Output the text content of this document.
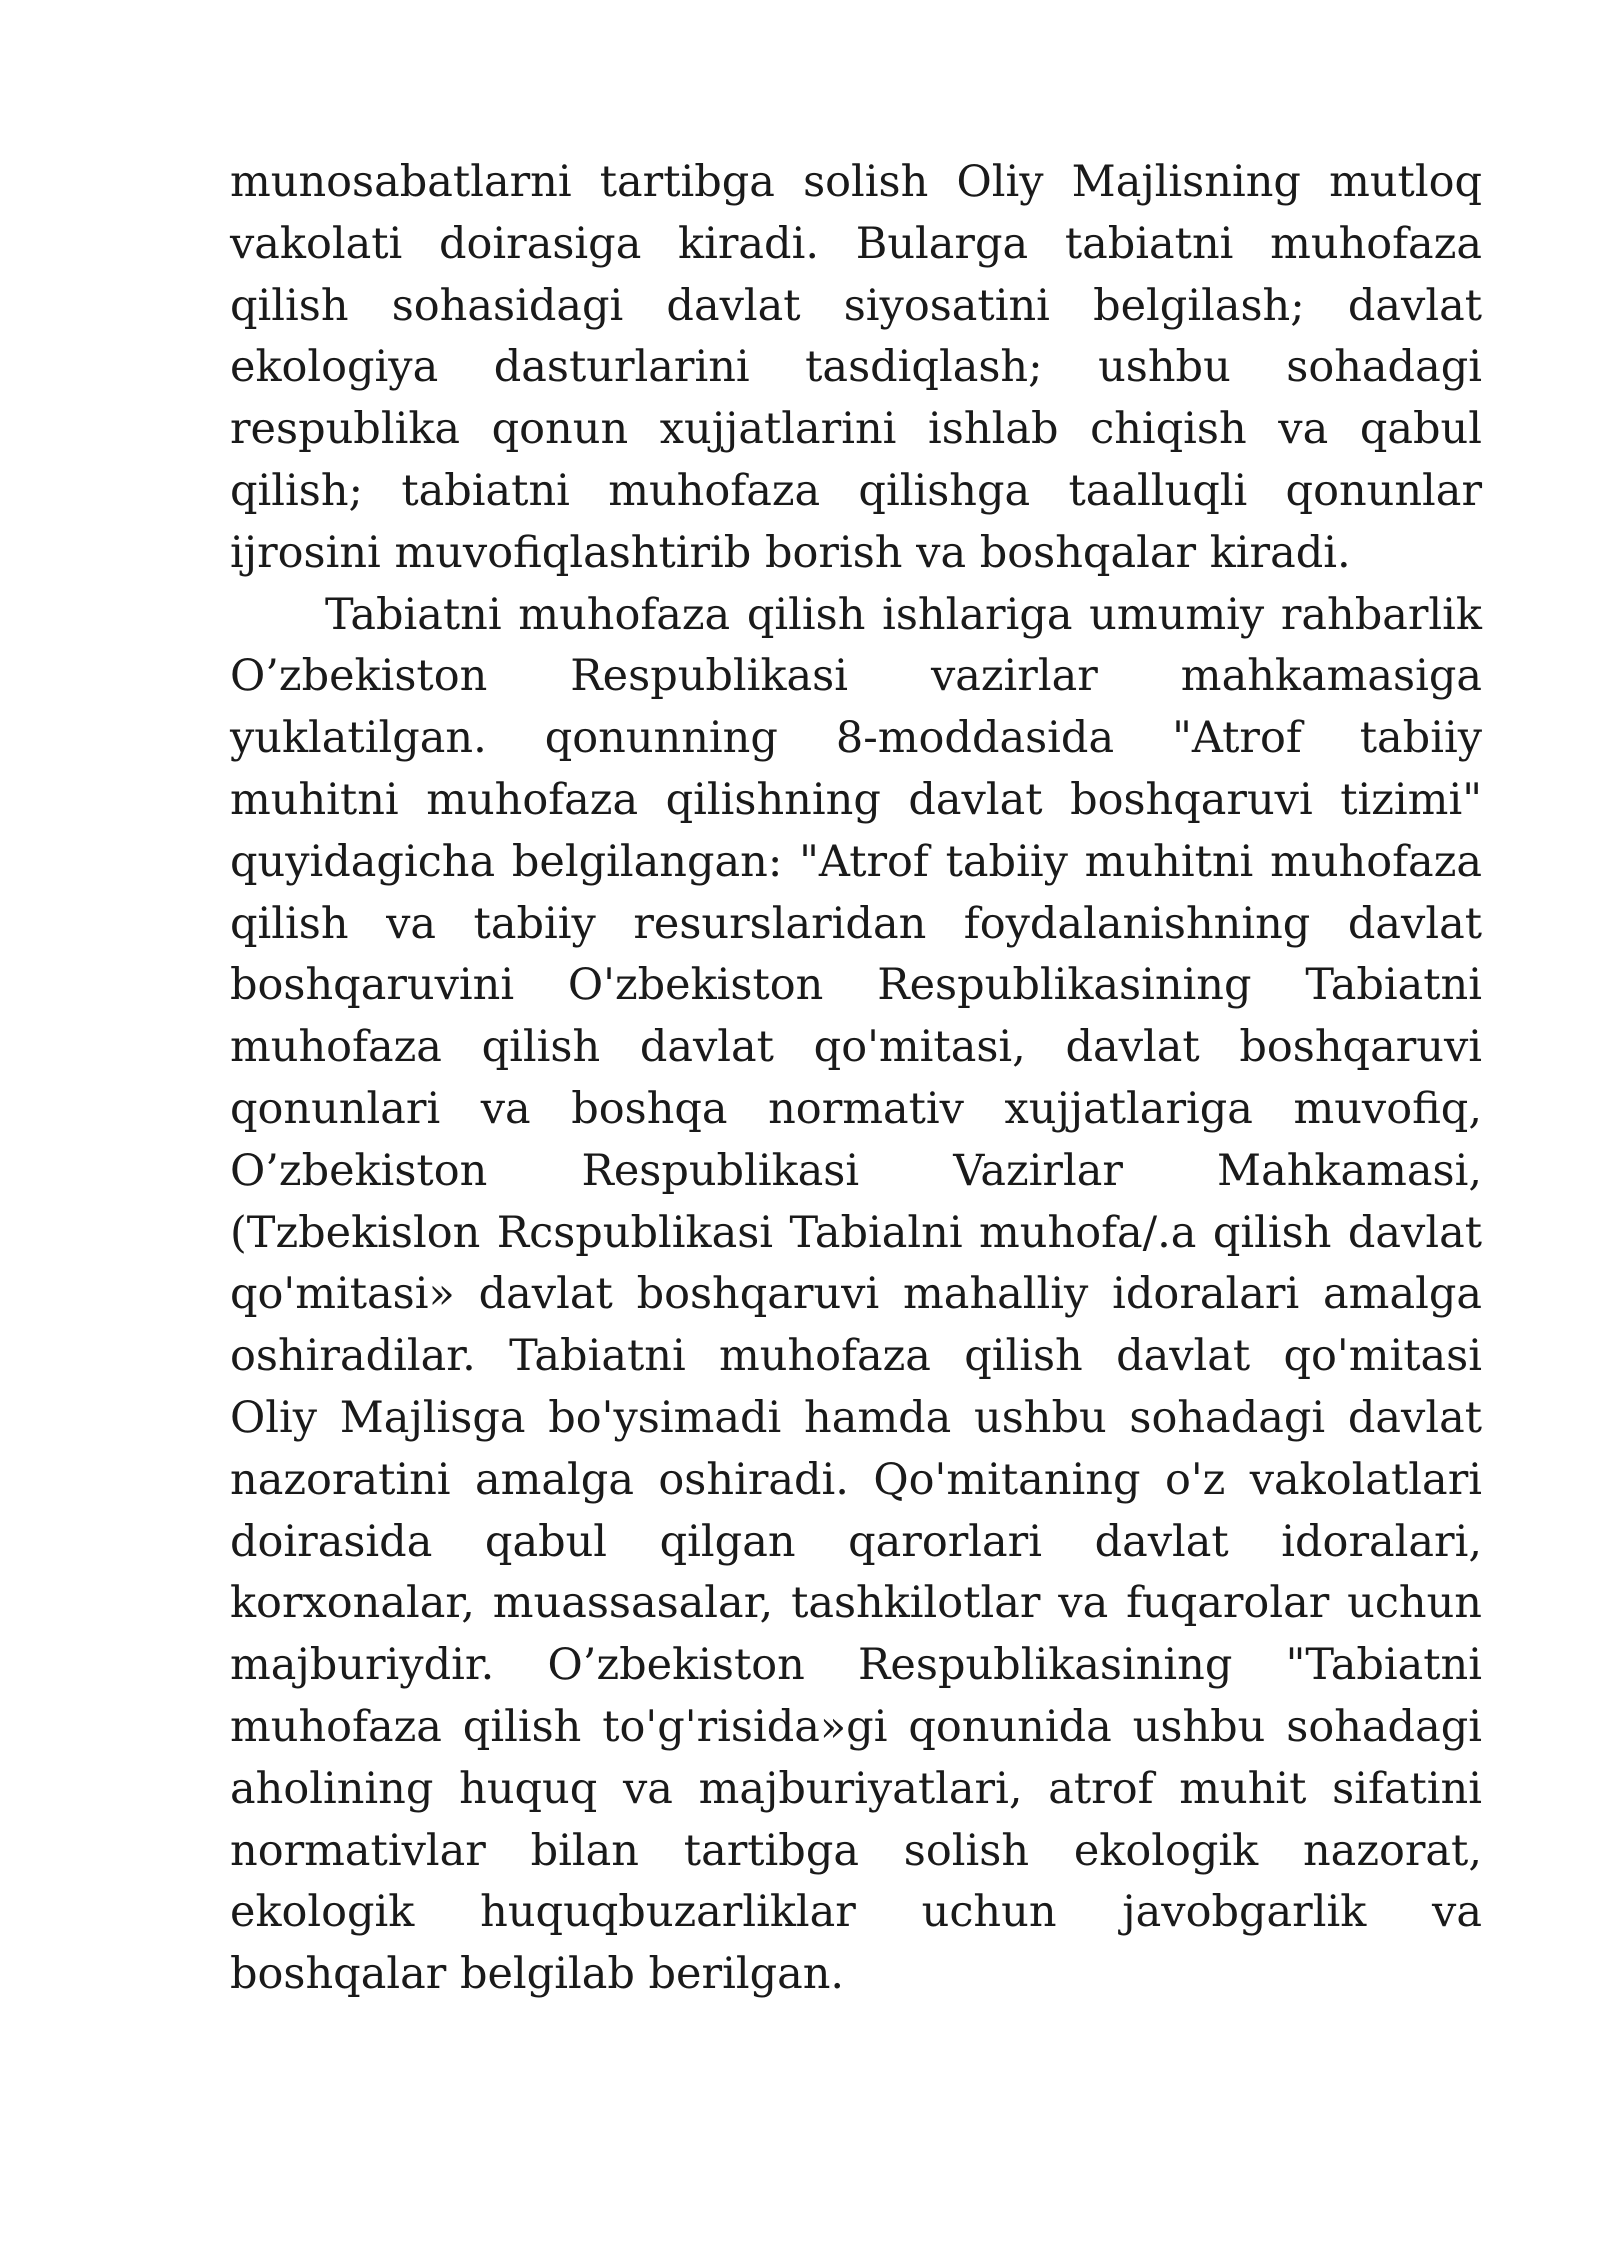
munosabatlarni tartibga solish Oliy Majlisning mutloq vakolati doirasiga kiradi. Bularga tabiatni muhofaza qilish sohasidagi davlat siyosatini belgilash; davlat ekologiya dasturlarini tasdiqlash; ushbu sohadagi respublika qonun xujjatlarini ishlab chiqish va qabul qilish; tabiatni muhofaza qilishga taalluqli qonunlar ijrosini muvofiqlashtirib borish va boshqalar kiradi.

Tabiatni muhofaza qilish ishlariga umumiy rahbarlik O’zbekiston Respublikasi vazirlar mahkamasiga yuklatilgan. qonunning 8-moddasida "Atrof tabiiy muhitni muhofaza qilishning davlat boshqaruvi tizimi" quyidagicha belgilangan: "Atrof tabiiy muhitni muhofaza qilish va tabiiy resurslaridan foydalanishning davlat boshqaruvini O'zbekiston Respublikasining Tabiatni muhofaza qilish davlat qo'mitasi, davlat boshqaruvi qonunlari va boshqa normativ xujjatlariga muvofiq, O’zbekiston Respublikasi Vazirlar Mahkamasi, (Tzbekislon Rcspublikasi Tabialni muhofa/.a qilish davlat qo'mitasi» davlat boshqaruvi mahalliy idoralari amalga oshiradilar. Tabiatni muhofaza qilish davlat qo'mitasi Oliy Majlisga bo'ysimadi hamda ushbu sohadagi davlat nazoratini amalga oshiradi. Qo'mitaning o'z vakolatlari doirasida qabul qilgan qarorlari davlat idoralari, korxonalar, muassasalar, tashkilotlar va fuqarolar uchun majburiydir. O’zbekiston Respublikasining "Tabiatni muhofaza qilish to'g'risida»gi qonunida ushbu sohadagi aholining huquq va majburiyatlari, atrof muhit sifatini normativlar bilan tartibga solish ekologik nazorat, ekologik huquqbuzarliklar uchun javobgarlik va boshqalar belgilab berilgan.
